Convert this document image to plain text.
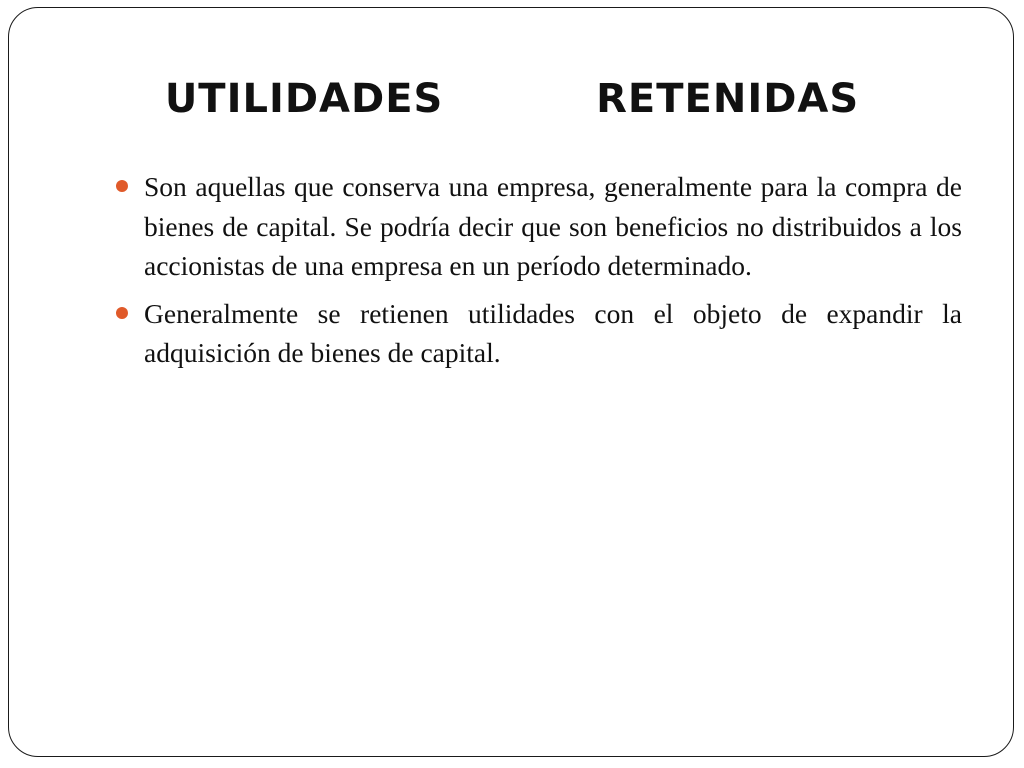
UTILIDADES   RETENIDAS
Son aquellas que conserva una empresa, generalmente para la compra de bienes de capital. Se podría decir que son beneficios no distribuidos a los accionistas de una empresa en un período determinado.
Generalmente se retienen utilidades con el objeto de expandir la adquisición de bienes de capital.
